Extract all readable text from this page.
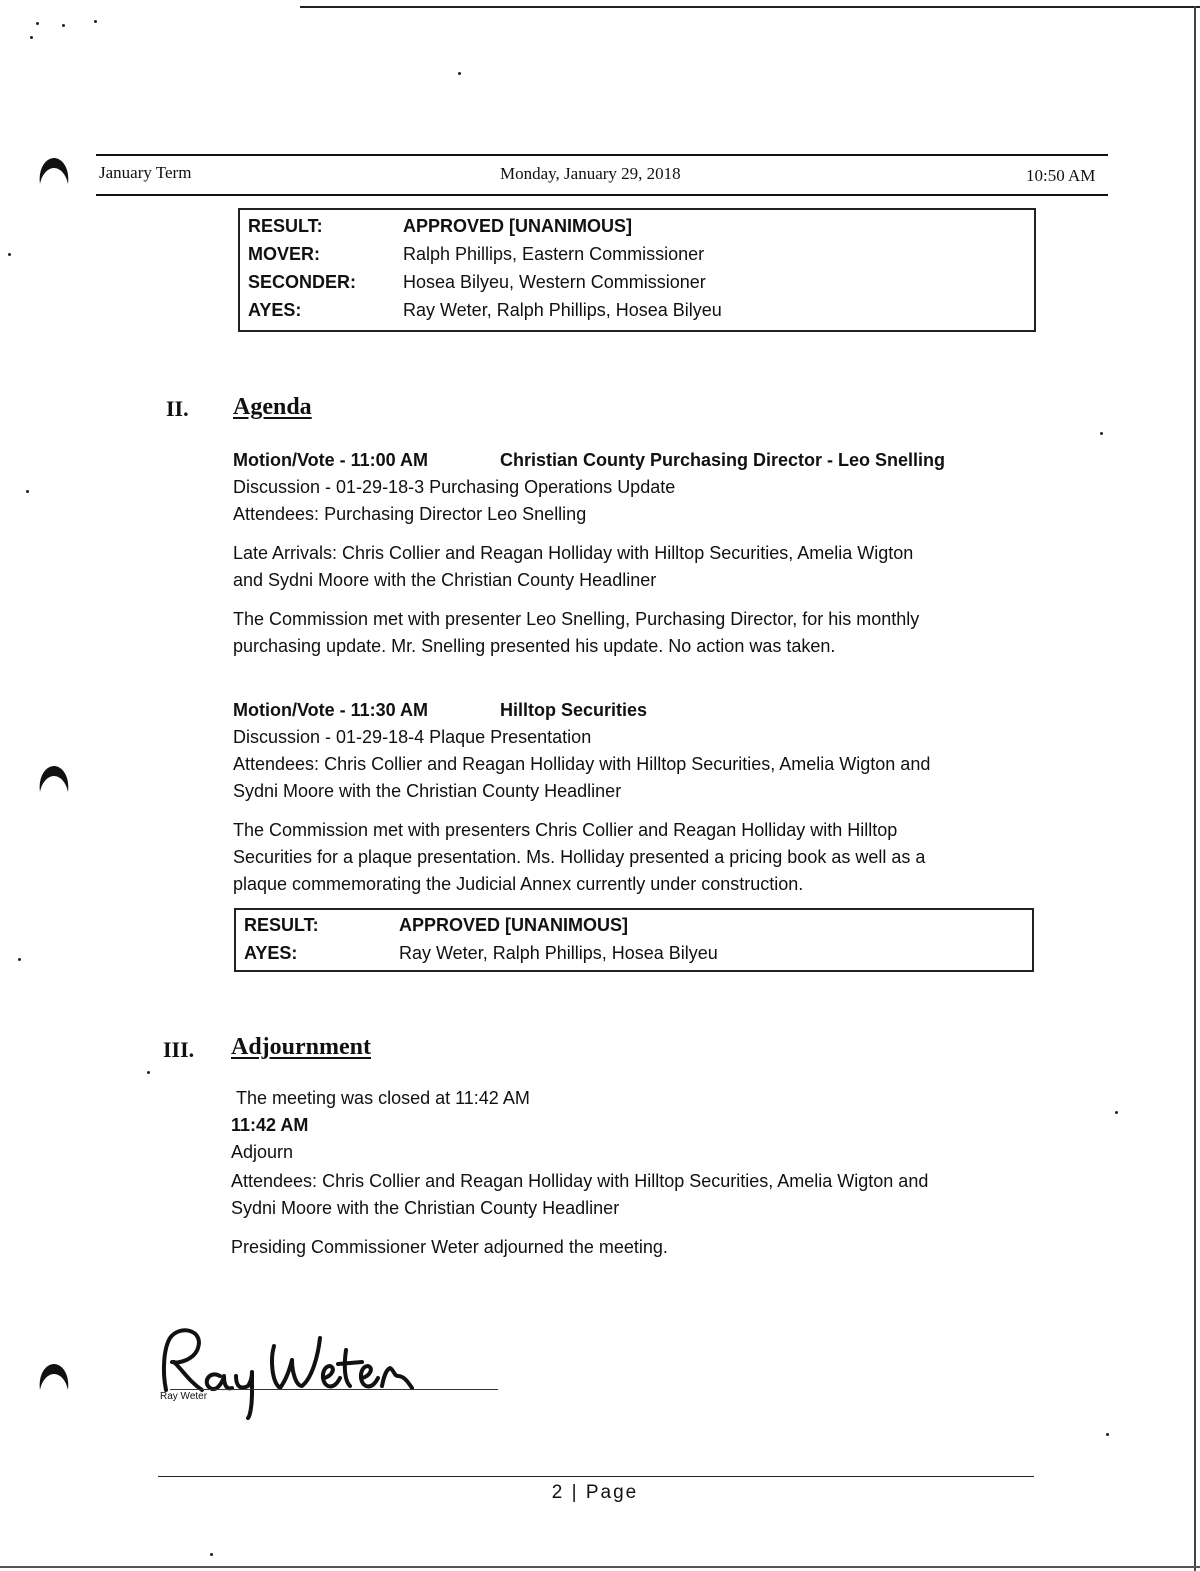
January Term	Monday, January 29, 2018	10:50 AM
RESULT:	APPROVED [UNANIMOUS]
MOVER:	Ralph Phillips, Eastern Commissioner
SECONDER:	Hosea Bilyeu, Western Commissioner
AYES:	Ray Weter, Ralph Phillips, Hosea Bilyeu
II. Agenda
Motion/Vote - 11:00 AM	Christian County Purchasing Director - Leo Snelling
Discussion - 01-29-18-3 Purchasing Operations Update
Attendees: Purchasing Director Leo Snelling
Late Arrivals: Chris Collier and Reagan Holliday with Hilltop Securities, Amelia Wigton
and Sydni Moore with the Christian County Headliner
The Commission met with presenter Leo Snelling, Purchasing Director, for his monthly
purchasing update. Mr. Snelling presented his update. No action was taken.
Motion/Vote - 11:30 AM	Hilltop Securities
Discussion - 01-29-18-4 Plaque Presentation
Attendees: Chris Collier and Reagan Holliday with Hilltop Securities, Amelia Wigton and
Sydni Moore with the Christian County Headliner
The Commission met with presenters Chris Collier and Reagan Holliday with Hilltop
Securities for a plaque presentation. Ms. Holliday presented a pricing book as well as a
plaque commemorating the Judicial Annex currently under construction.
RESULT:	APPROVED [UNANIMOUS]
AYES:	Ray Weter, Ralph Phillips, Hosea Bilyeu
III. Adjournment
The meeting was closed at 11:42 AM
11:42 AM
Adjourn
Attendees: Chris Collier and Reagan Holliday with Hilltop Securities, Amelia Wigton and
Sydni Moore with the Christian County Headliner
Presiding Commissioner Weter adjourned the meeting.
Ray Weter
2 | Page
